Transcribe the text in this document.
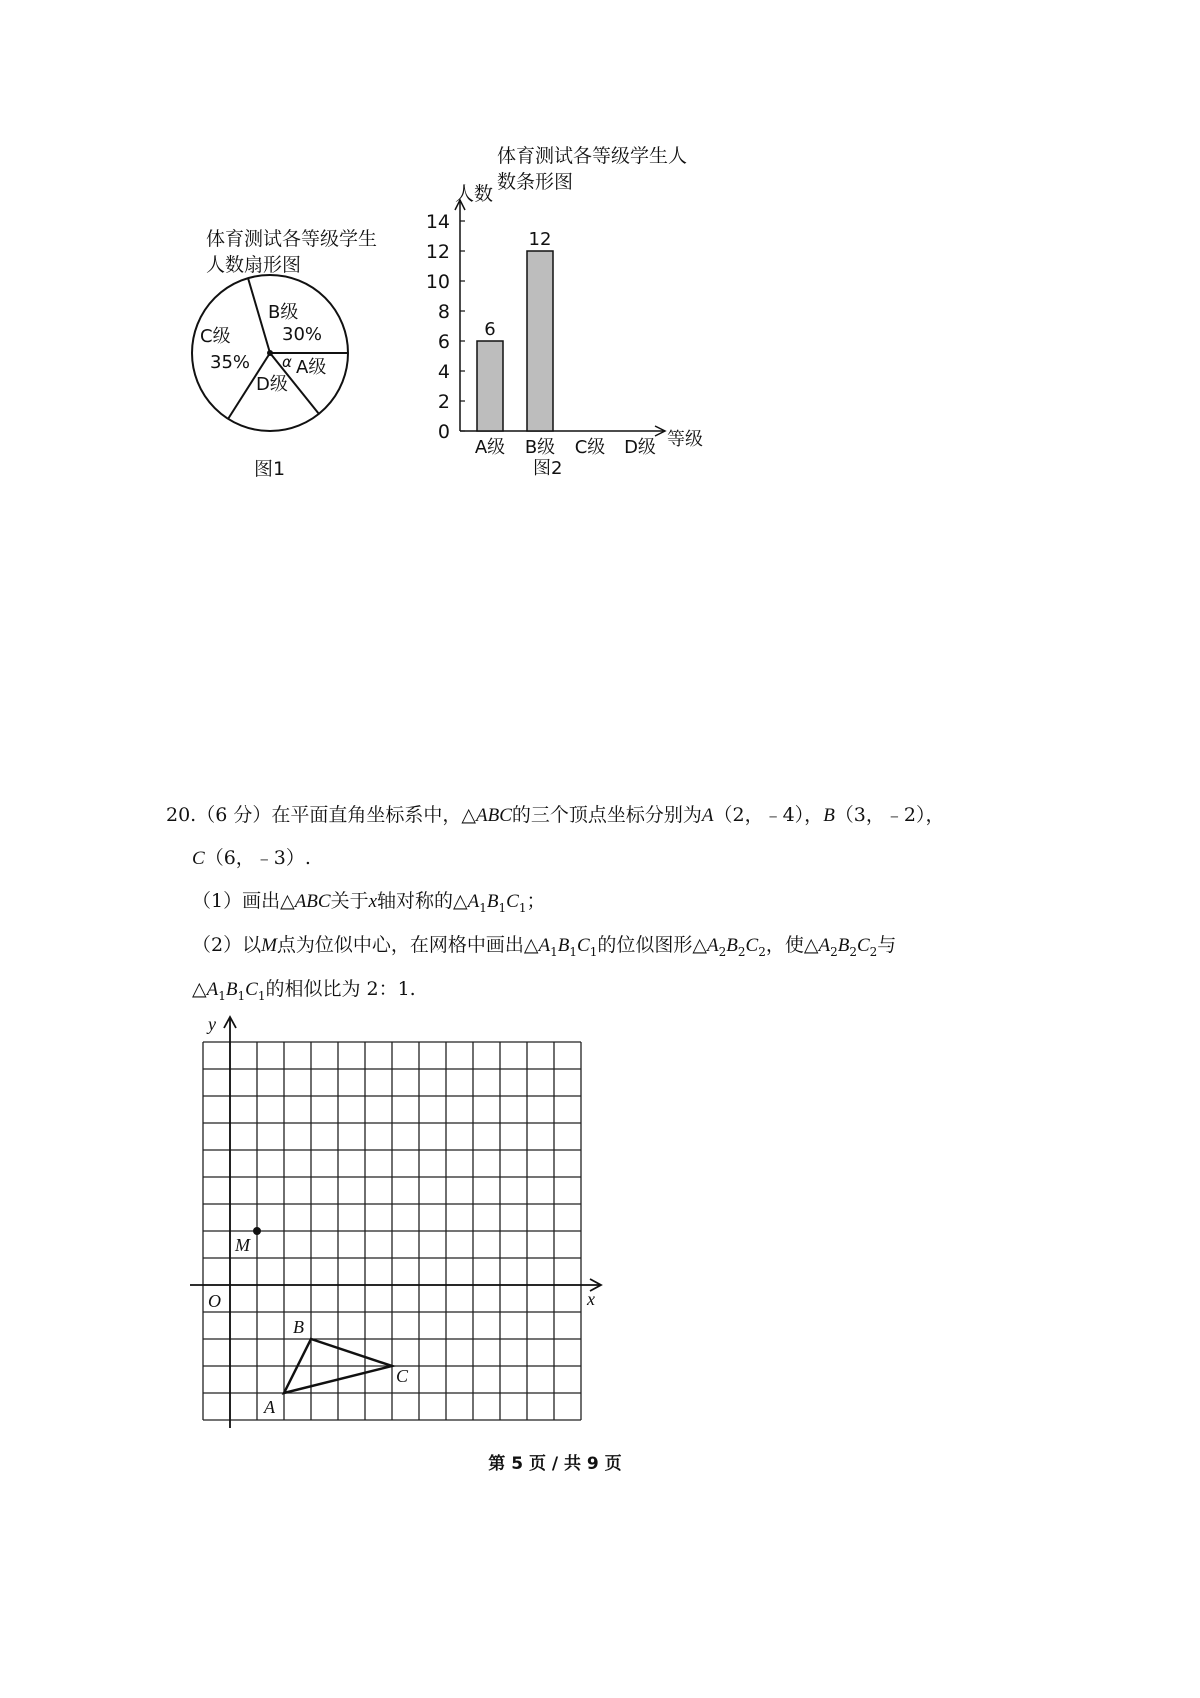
体育测试各等级学生
人数扇形图
B级
30%
C级
35%	A级
D级
α
图1
体育测试各等级学生人
数条形图
人数
等级
图2
0
2
4
6
8
10
12
14
A级
6
B级
12
C级 D级
20.（6 分）在平面直角坐标系中，△ABC的三个顶点坐标分别为A（2，﹣4），B（3，﹣2），
C（6，﹣3）.
（1）画出△ABC关于x轴对称的$\triangle A_1B_1C_1$；
（2）以M点为位似中心，在网格中画出$\triangle A_1B_1C_1$的位似图形$\triangle A_2B_2C_2$，使$\triangle A_2B_2C_2$与
$\triangle A_1B_1C_1$的相似比为 2：1.
x
y
O
M
A
B
C
第 5 页 / 共 9 页
